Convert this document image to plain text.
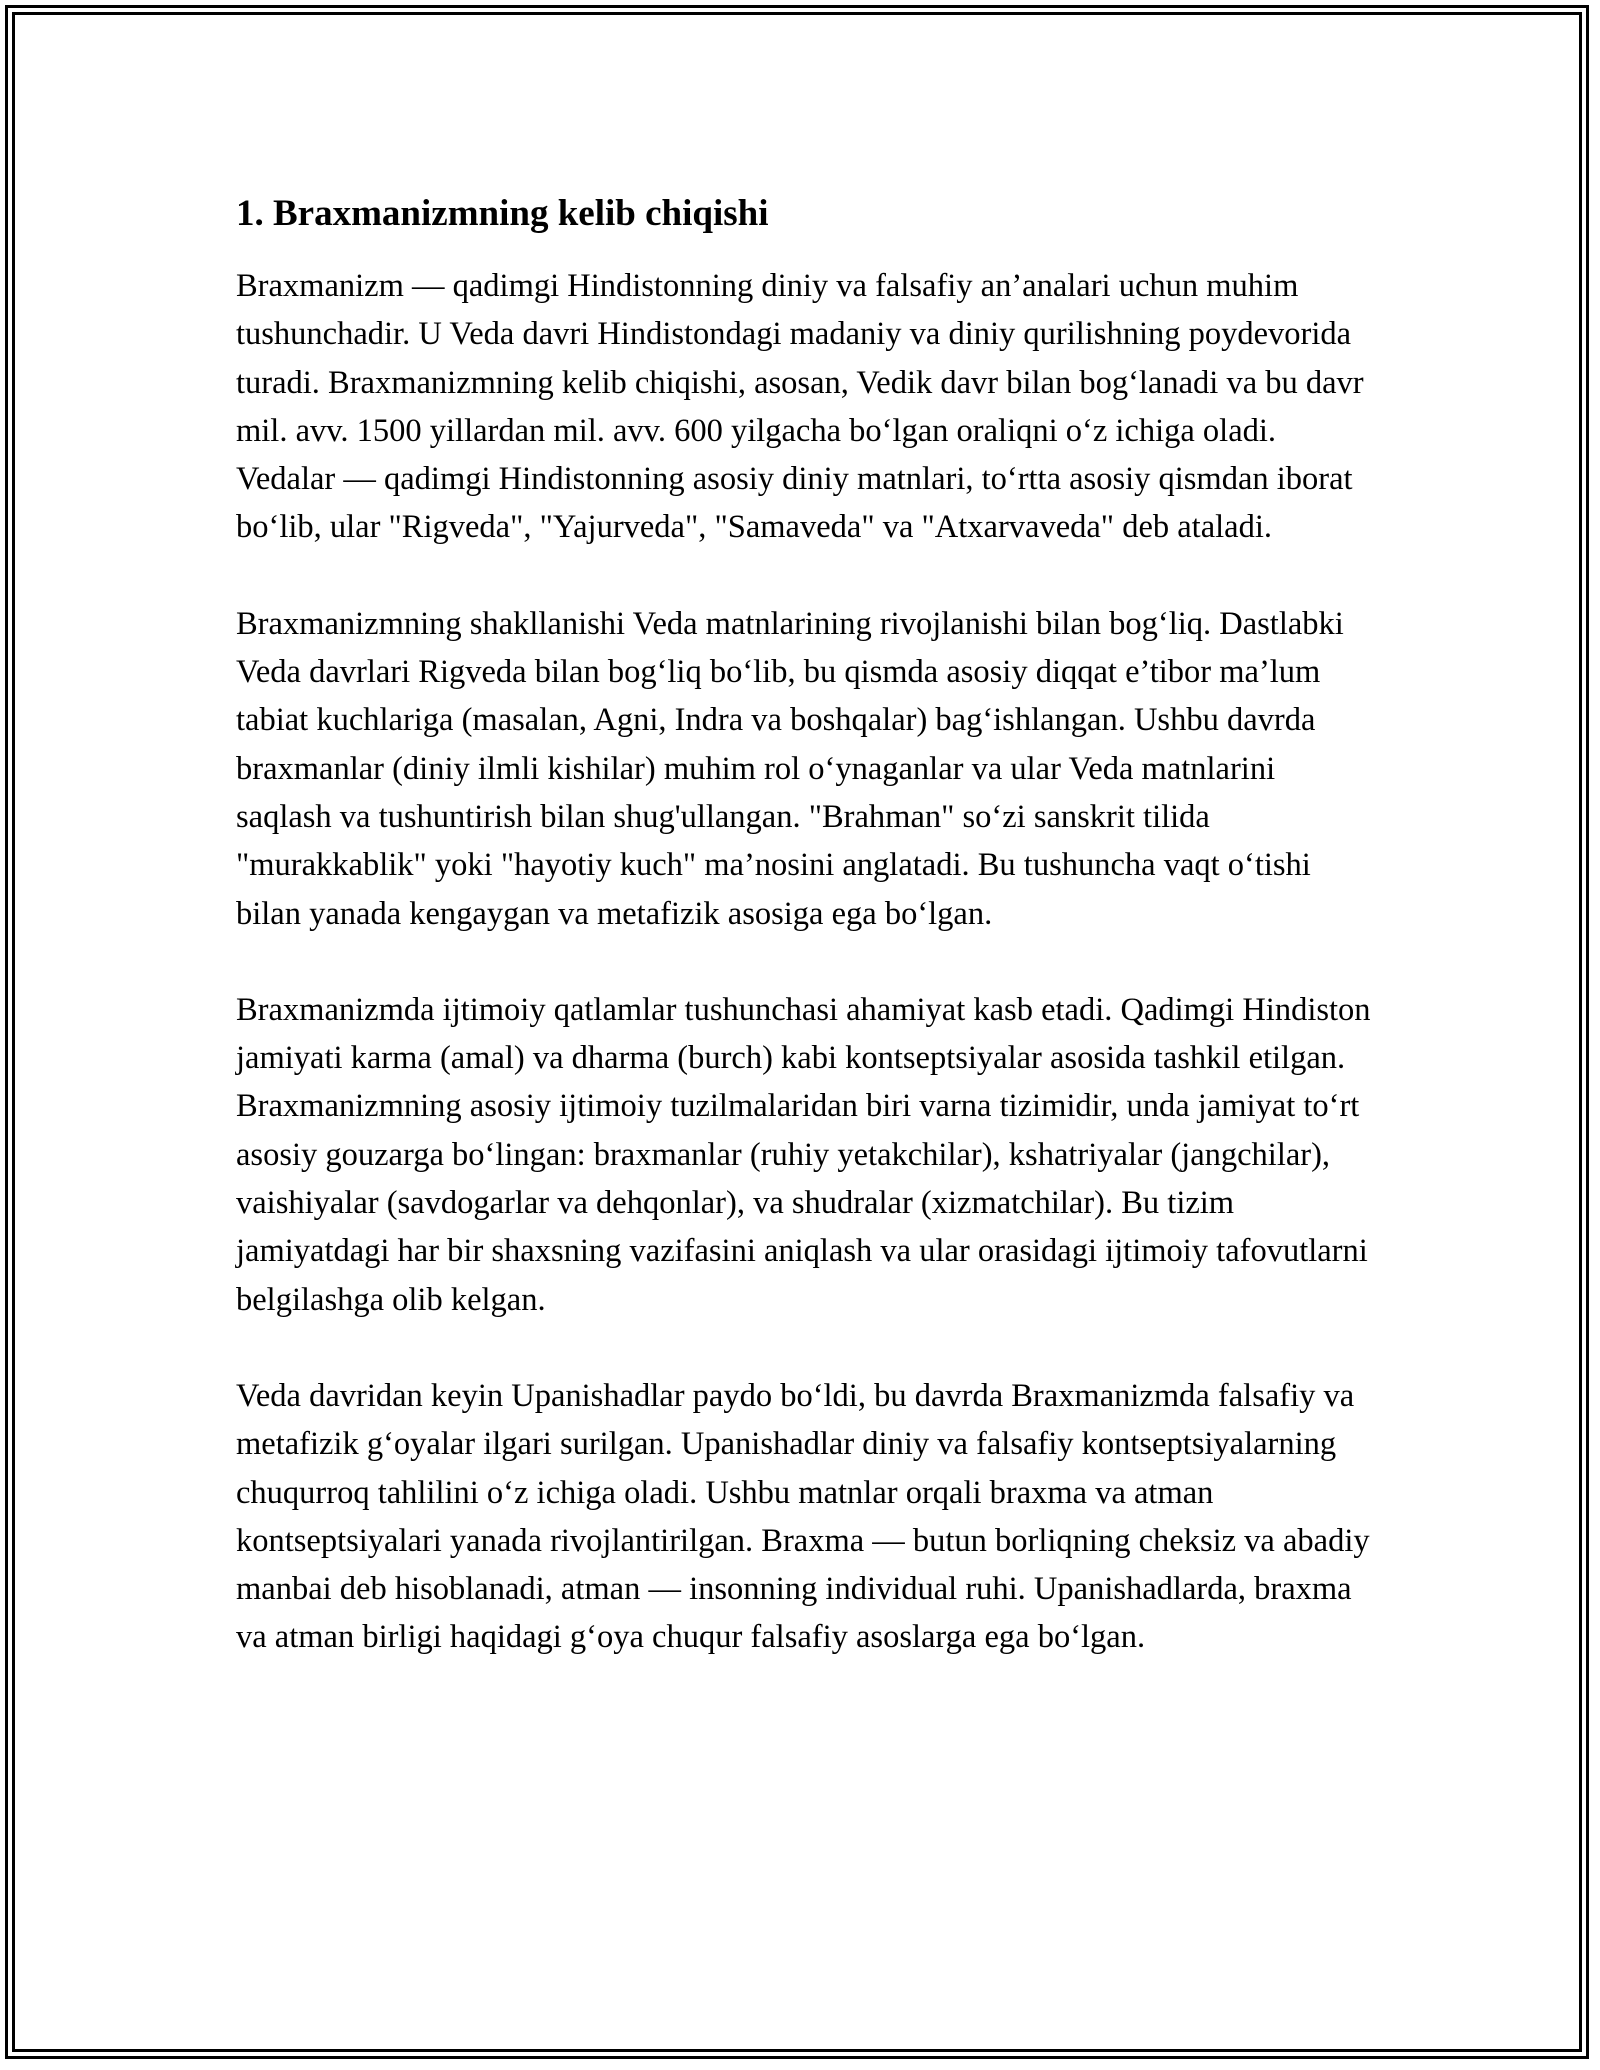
1. Braxmanizmning kelib chiqishi

Braxmanizm — qadimgi Hindistonning diniy va falsafiy an’analari uchun muhim tushunchadir. U Veda davri Hindistondagi madaniy va diniy qurilishning poydevorida turadi. Braxmanizmning kelib chiqishi, asosan, Vedik davr bilan bog‘lanadi va bu davr mil. avv. 1500 yillardan mil. avv. 600 yilgacha bo‘lgan oraliqni o‘z ichiga oladi. Vedalar — qadimgi Hindistonning asosiy diniy matnlari, to‘rtta asosiy qismdan iborat bo‘lib, ular "Rigveda", "Yajurveda", "Samaveda" va "Atxarvaveda" deb ataladi.

Braxmanizmning shakllanishi Veda matnlarining rivojlanishi bilan bog‘liq. Dastlabki Veda davrlari Rigveda bilan bog‘liq bo‘lib, bu qismda asosiy diqqat e’tibor ma’lum tabiat kuchlariga (masalan, Agni, Indra va boshqalar) bag‘ishlangan. Ushbu davrda braxmanlar (diniy ilmli kishilar) muhim rol o‘ynaganlar va ular Veda matnlarini saqlash va tushuntirish bilan shug'ullangan. "Brahman" so‘zi sanskrit tilida "murakkablik" yoki "hayotiy kuch" ma’nosini anglatadi. Bu tushuncha vaqt o‘tishi bilan yanada kengaygan va metafizik asosiga ega bo‘lgan.

Braxmanizmda ijtimoiy qatlamlar tushunchasi ahamiyat kasb etadi. Qadimgi Hindiston jamiyati karma (amal) va dharma (burch) kabi kontseptsiyalar asosida tashkil etilgan. Braxmanizmning asosiy ijtimoiy tuzilmalaridan biri varna tizimidir, unda jamiyat to‘rt asosiy gouzarga bo‘lingan: braxmanlar (ruhiy yetakchilar), kshatriyalar (jangchilar), vaishiyalar (savdogarlar va dehqonlar), va shudralar (xizmatchilar). Bu tizim jamiyatdagi har bir shaxsning vazifasini aniqlash va ular orasidagi ijtimoiy tafovutlarni belgilashga olib kelgan.

Veda davridan keyin Upanishadlar paydo bo‘ldi, bu davrda Braxmanizmda falsafiy va metafizik g‘oyalar ilgari surilgan. Upanishadlar diniy va falsafiy kontseptsiyalarning chuqurroq tahlilini o‘z ichiga oladi. Ushbu matnlar orqali braxma va atman kontseptsiyalari yanada rivojlantirilgan. Braxma — butun borliqning cheksiz va abadiy manbai deb hisoblanadi, atman — insonning individual ruhi. Upanishadlarda, braxma va atman birligi haqidagi g‘oya chuqur falsafiy asoslarga ega bo‘lgan.
